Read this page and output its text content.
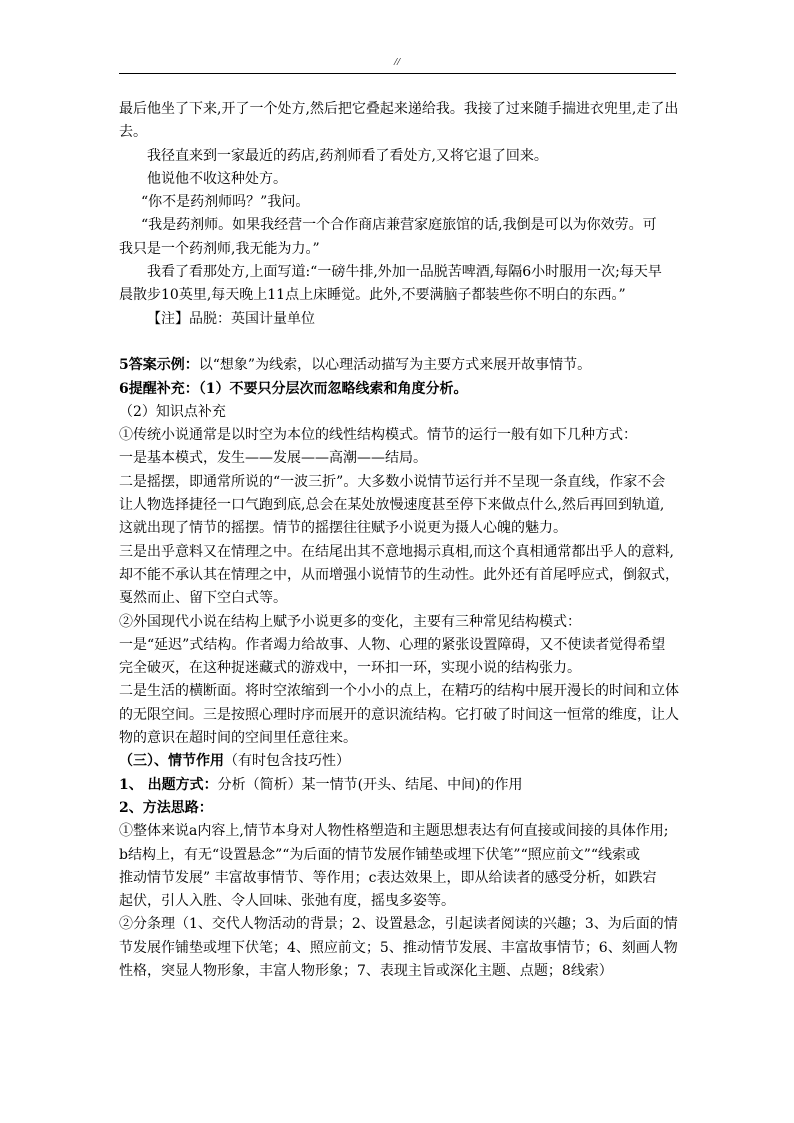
//
最后他坐了下来,开了一个处方,然后把它叠起来递给我。我接了过来随手揣进衣兜里,走了出
去。
我径直来到一家最近的药店,药剂师看了看处方,又将它退了回来。
他说他不收这种处方。
“你不是药剂师吗？”我问。
“我是药剂师。如果我经营一个合作商店兼营家庭旅馆的话,我倒是可以为你效劳。可
我只是一个药剂师,我无能为力。”
我看了看那处方,上面写道:“一磅牛排,外加一品脱苦啤酒,每隔6小时服用一次;每天早
晨散步10英里,每天晚上11点上床睡觉。此外,不要满脑子都装些你不明白的东西。”
【注】品脱：英国计量单位
5答案示例：以“想象”为线索，以心理活动描写为主要方式来展开故事情节。
6提醒补充：（1）不要只分层次而忽略线索和角度分析。
（2）知识点补充
①传统小说通常是以时空为本位的线性结构模式。情节的运行一般有如下几种方式：
一是基本模式，发生——发展——高潮——结局。
二是摇摆，即通常所说的“一波三折”。大多数小说情节运行并不呈现一条直线，作家不会
让人物选择捷径一口气跑到底,总会在某处放慢速度甚至停下来做点什么,然后再回到轨道,
这就出现了情节的摇摆。情节的摇摆往往赋予小说更为摄人心魄的魅力。
三是出乎意料又在情理之中。在结尾出其不意地揭示真相,而这个真相通常都出乎人的意料,
却不能不承认其在情理之中，从而增强小说情节的生动性。此外还有首尾呼应式，倒叙式，
戛然而止、留下空白式等。
②外国现代小说在结构上赋予小说更多的变化，主要有三种常见结构模式：
一是“延迟”式结构。作者竭力给故事、人物、心理的紧张设置障碍，又不使读者觉得希望
完全破灭，在这种捉迷藏式的游戏中，一环扣一环，实现小说的结构张力。
二是生活的横断面。将时空浓缩到一个小小的点上，在精巧的结构中展开漫长的时间和立体
的无限空间。三是按照心理时序而展开的意识流结构。它打破了时间这一恒常的维度，让人
物的意识在超时间的空间里任意往来。
（三）、情节作用（有时包含技巧性）
1、 出题方式：分析（简析）某一情节(开头、结尾、中间)的作用
2、方法思路：
①整体来说a内容上,情节本身对人物性格塑造和主题思想表达有何直接或间接的具体作用;
b结构上，有无“设置悬念”“为后面的情节发展作铺垫或埋下伏笔”“照应前文”“线索或
推动情节发展” 丰富故事情节、等作用；c表达效果上，即从给读者的感受分析，如跌宕
起伏，引人入胜、令人回味、张弛有度，摇曳多姿等。
②分条理（1、交代人物活动的背景；2、设置悬念，引起读者阅读的兴趣；3、为后面的情
节发展作铺垫或埋下伏笔；4、照应前文；5、推动情节发展、丰富故事情节；6、刻画人物
性格，突显人物形象，丰富人物形象；7、表现主旨或深化主题、点题；8线索）
